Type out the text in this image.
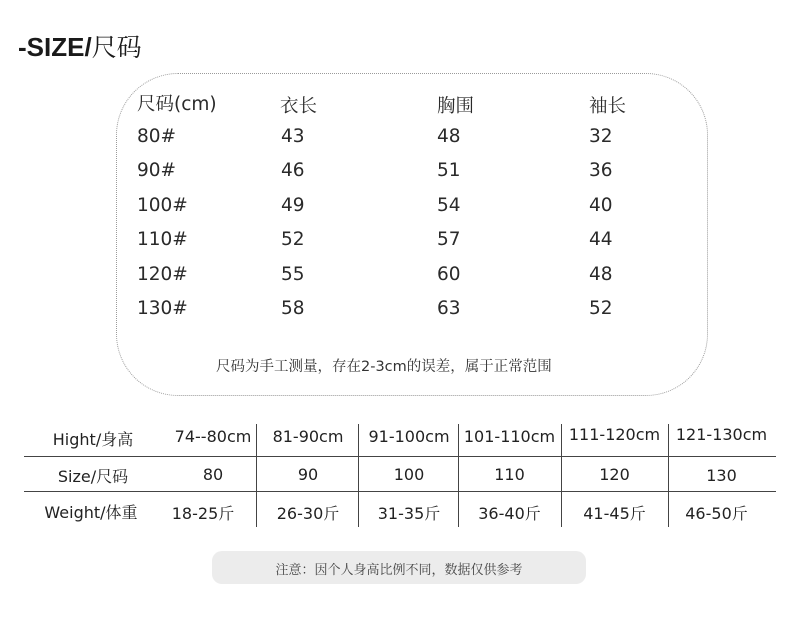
-SIZE/尺码
尺码(cm)	衣长	胸围	袖长
80#	43	48	32
90#	46	51	36
100#	49	54	40
110#	52	57	44
120#	55	60	48
130#	58	63	52
尺码为手工测量，存在2-3cm的误差，属于正常范围
Hight/身高	74--80cm	81-90cm	91-100cm 101-110cm 111-120cm 121-130cm
Size/尺码	80	90	100	110	120	130
Weight/体重	18-25斤	26-30斤	31-35斤	36-40斤	41-45斤	46-50斤
注意：因个人身高比例不同，数据仅供参考
